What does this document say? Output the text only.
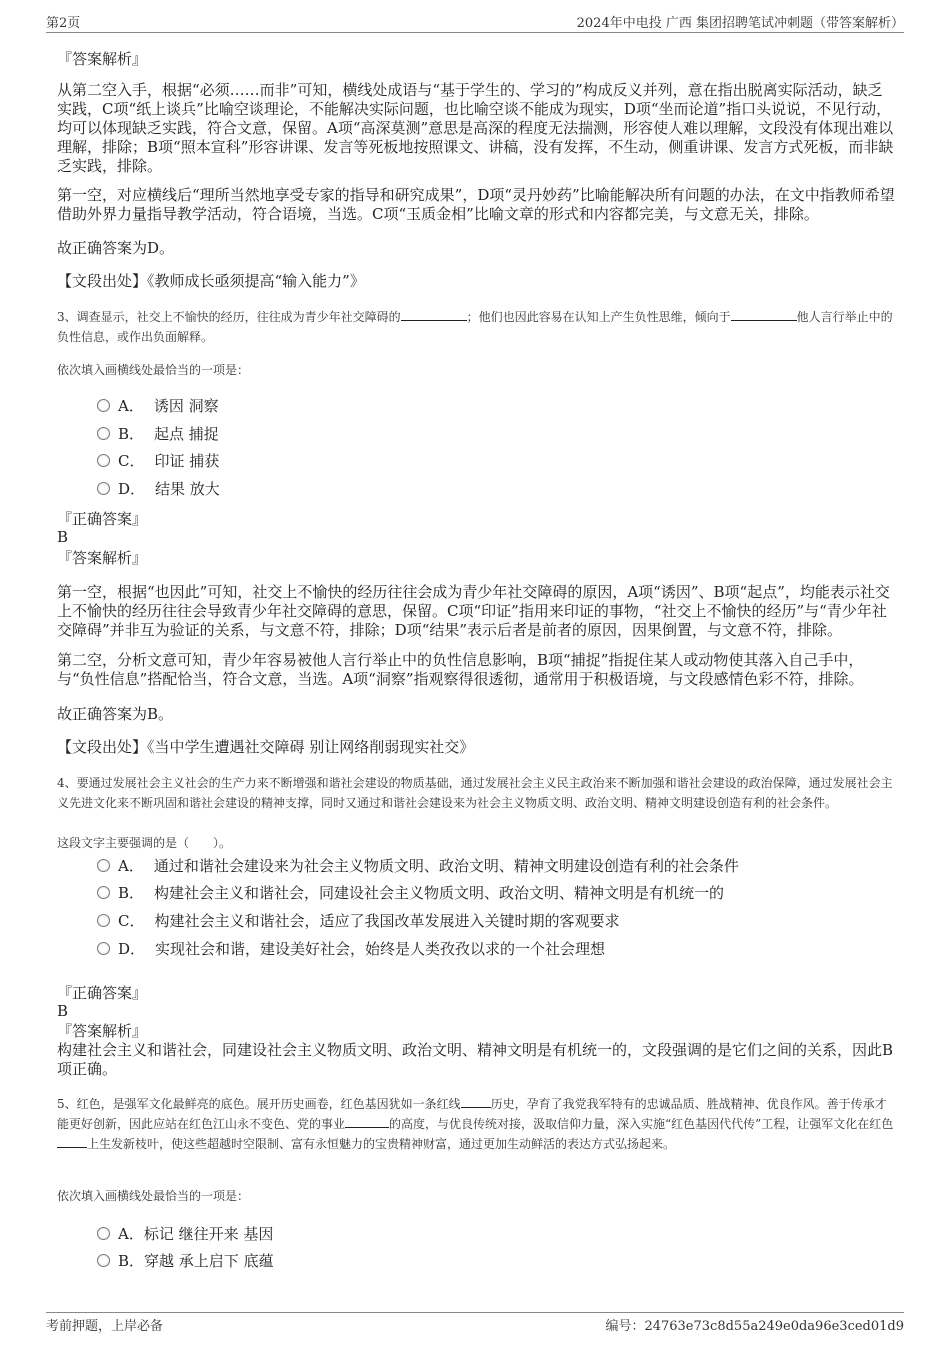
第2页	2024年中电投 广西 集团招聘笔试冲刺题（带答案解析）
『答案解析』

从第二空入手，根据“必须……而非”可知，横线处成语与“基于学生的、学习的”构成反义并列，意在指出脱离实际活动，缺乏实践，C项“纸上谈兵”比喻空谈理论，不能解决实际问题，也比喻空谈不能成为现实，D项“坐而论道”指口头说说，不见行动，均可以体现缺乏实践，符合文意，保留。A项“高深莫测”意思是高深的程度无法揣测，形容使人难以理解，文段没有体现出难以理解，排除；B项“照本宣科”形容讲课、发言等死板地按照课文、讲稿，没有发挥，不生动，侧重讲课、发言方式死板，而非缺乏实践，排除。

第一空，对应横线后“理所当然地享受专家的指导和研究成果”，D项“灵丹妙药”比喻能解决所有问题的办法，在文中指教师希望借助外界力量指导教学活动，符合语境，当选。C项“玉质金相”比喻文章的形式和内容都完美，与文意无关，排除。

故正确答案为D。
【文段出处】《教师成长亟须提高“输入能力”》

3、调查显示，社交上不愉快的经历，往往成为青少年社交障碍的	；他们也因此容易在认知上产生负性思维，倾向于	他人言行举止中的负性信息，或作出负面解释。

依次填入画横线处最恰当的一项是：
A． 诱因 洞察
B． 起点 捕捉
C． 印证 捕获
D． 结果 放大
『正确答案』
B
『答案解析』

第一空，根据“也因此”可知，社交上不愉快的经历往往会成为青少年社交障碍的原因，A项“诱因”、B项“起点”，均能表示社交上不愉快的经历往往会导致青少年社交障碍的意思，保留。C项“印证”指用来印证的事物，“社交上不愉快的经历”与“青少年社交障碍”并非互为验证的关系，与文意不符，排除；D项“结果”表示后者是前者的原因，因果倒置，与文意不符，排除。

第二空，分析文意可知，青少年容易被他人言行举止中的负性信息影响，B项“捕捉”指捉住某人或动物使其落入自己手中，与“负性信息”搭配恰当，符合文意，当选。A项“洞察”指观察得很透彻，通常用于积极语境，与文段感情色彩不符，排除。

故正确答案为B。
【文段出处】《当中学生遭遇社交障碍 别让网络削弱现实社交》

4、要通过发展社会主义社会的生产力来不断增强和谐社会建设的物质基础，通过发展社会主义民主政治来不断加强和谐社会建设的政治保障，通过发展社会主义先进文化来不断巩固和谐社会建设的精神支撑，同时又通过和谐社会建设来为社会主义物质文明、政治文明、精神文明建设创造有利的社会条件。

这段文字主要强调的是（　　）。
A． 通过和谐社会建设来为社会主义物质文明、政治文明、精神文明建设创造有利的社会条件
B． 构建社会主义和谐社会，同建设社会主义物质文明、政治文明、精神文明是有机统一的
C． 构建社会主义和谐社会，适应了我国改革发展进入关键时期的客观要求
D． 实现社会和谐，建设美好社会，始终是人类孜孜以求的一个社会理想
『正确答案』
B
『答案解析』

构建社会主义和谐社会，同建设社会主义物质文明、政治文明、精神文明是有机统一的，文段强调的是它们之间的关系，因此B项正确。

5、红色，是强军文化最鲜亮的底色。展开历史画卷，红色基因犹如一条红线	历史，孕育了我党我军特有的忠诚品质、胜战精神、优良作风。善于传承才能更好创新，因此应站在红色江山永不变色、党的事业	的高度，与优良传统对接，汲取信仰力量，深入实施“红色基因代代传”工程，让强军文化在红色上生发新枝叶，使这些超越时空限制、富有永恒魅力的宝贵精神财富，通过更加生动鲜活的表达方式弘扬起来。

依次填入画横线处最恰当的一项是：
A．标记 继往开来 基因
B．穿越 承上启下 底蕴
考前押题，上岸必备	编号：24763e73c8d55a249e0da96e3ced01d9
